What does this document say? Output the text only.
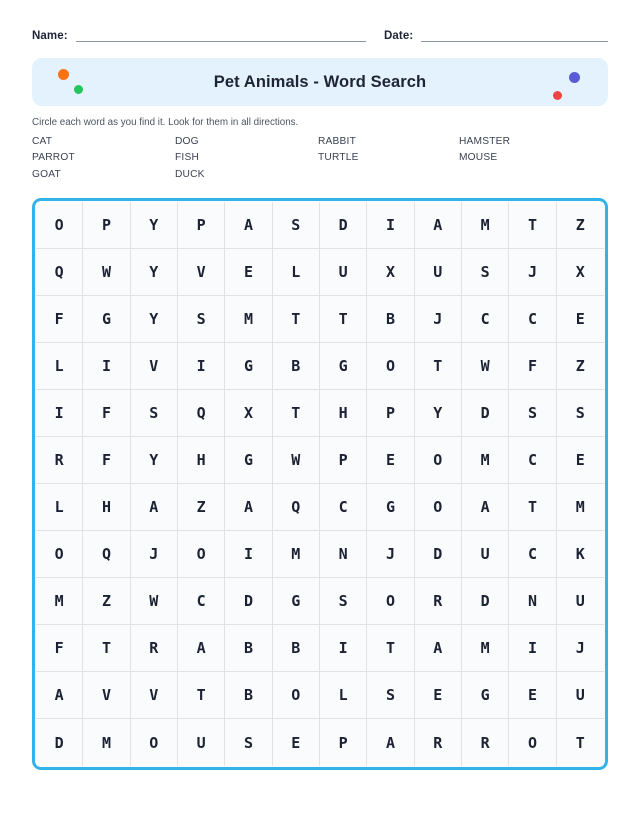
Name:	Date:
Pet Animals - Word Search

Circle each word as you find it. Look for them in all directions.

CAT	DOG	RABBIT	HAMSTER
PARROT	FISH	TURTLE	MOUSE
GOAT	DUCK
O	P	Y	P	A	S	D	I	A	M	T	Z
Q	W	Y	V	E	L	U	X	U	S	J	X
F	G	Y	S	M	T	T	B	J	C	C	E
L	I	V	I	G	B	G	O	T	W	F	Z
I	F	S	Q	X	T	H	P	Y	D	S	S
R	F	Y	H	G	W	P	E	O	M	C	E
L	H	A	Z	A	Q	C	G	O	A	T	M
O	Q	J	O	I	M	N	J	D	U	C	K
M	Z	W	C	D	G	S	O	R	D	N	U
F	T	R	A	B	B	I	T	A	M	I	J
A	V	V	T	B	O	L	S	E	G	E	U
D	M	O	U	S	E	P	A	R	R	O	T
